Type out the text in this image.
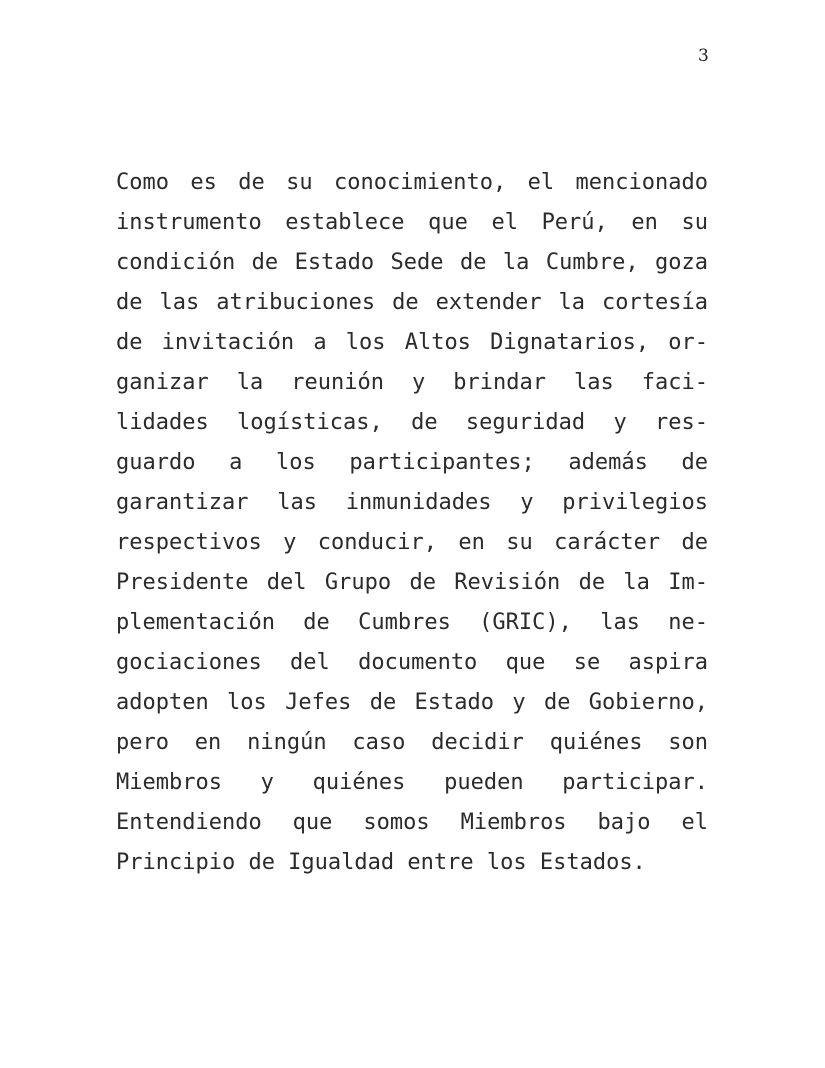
3
Como es de su conocimiento, el mencionado
instrumento establece que el Perú, en su
condición de Estado Sede de la Cumbre, goza
de las atribuciones de extender la cortesía
de invitación a los Altos Dignatarios, or-
ganizar la reunión y brindar las faci-
lidades logísticas, de seguridad y res-
guardo a los participantes; además de
garantizar las inmunidades y privilegios
respectivos y conducir, en su carácter de
Presidente del Grupo de Revisión de la Im-
plementación de Cumbres (GRIC), las ne-
gociaciones del documento que se aspira
adopten los Jefes de Estado y de Gobierno,
pero en ningún caso decidir quiénes son
Miembros y quiénes pueden participar.
Entendiendo que somos Miembros bajo el
Principio de Igualdad entre los Estados.
